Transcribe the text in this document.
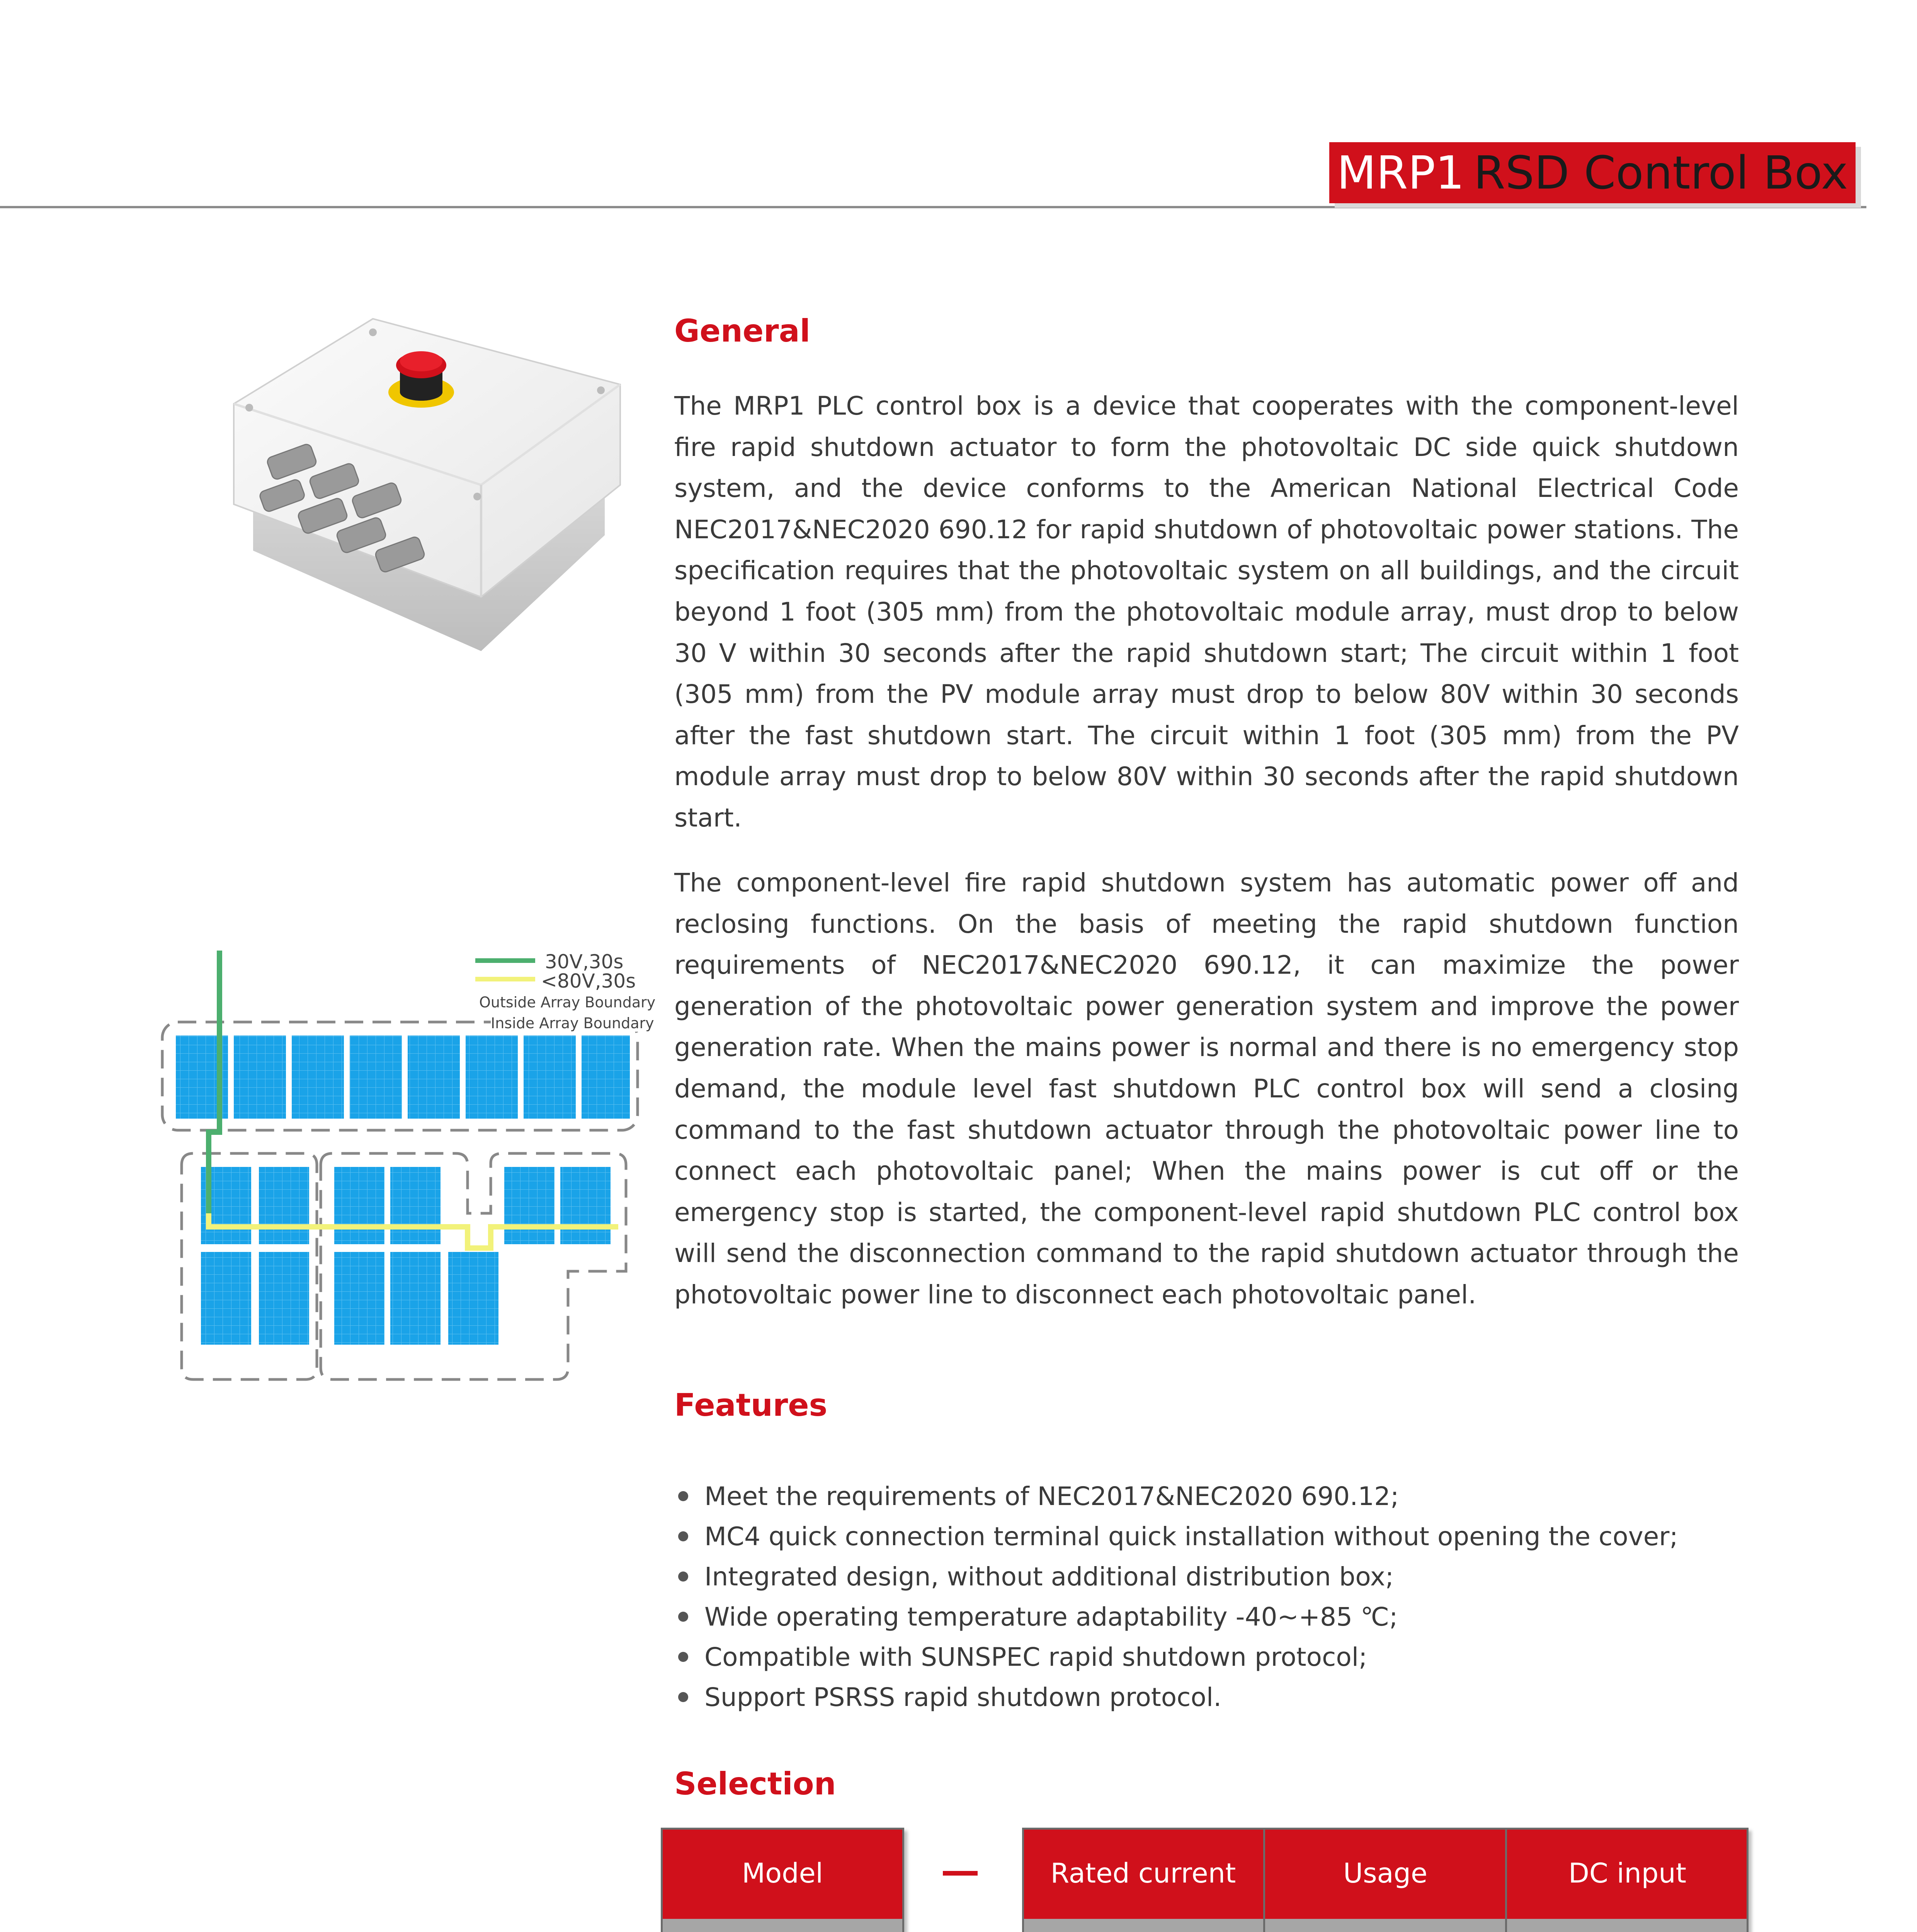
MRP1 RSD Control Box
General
The MRP1 PLC control box is a device that cooperates with the component-level fire rapid shutdown actuator to form the photovoltaic DC side quick shutdown system, and the device conforms to the American National Electrical Code NEC2017&NEC2020 690.12 for rapid shutdown of photovoltaic power stations. The specification requires that the photovoltaic system on all buildings, and the circuit beyond 1 foot (305 mm) from the photovoltaic module array, must drop to below 30 V within 30 seconds after the rapid shutdown start; The circuit within 1 foot (305 mm) from the PV module array must drop to below 80V within 30 seconds after the fast shutdown start. The circuit within 1 foot (305 mm) from the PV module array must drop to below 80V within 30 seconds after the rapid shutdown start.
The component-level fire rapid shutdown system has automatic power off and reclosing functions. On the basis of meeting the rapid shutdown function requirements of NEC2017&NEC2020 690.12, it can maximize the power generation of the photovoltaic power generation system and improve the power generation rate. When the mains power is normal and there is no emergency stop demand, the module level fast shutdown PLC control box will send a closing command to the fast shutdown actuator through the photovoltaic power line to connect each photovoltaic panel; When the mains power is cut off or the emergency stop is started, the component-level rapid shutdown PLC control box will send the disconnection command to the rapid shutdown actuator through the photovoltaic power line to disconnect each photovoltaic panel.
30V,30s
<80V,30s
Outside Array Boundary
Inside Array Boundary
Features
Meet the requirements of NEC2017&NEC2020 690.12;
MC4 quick connection terminal quick installation without opening the cover;
Integrated design, without additional distribution box;
Wide operating temperature adaptability -40~+85 ℃;
Compatible with SUNSPEC rapid shutdown protocol;
Support PSRSS rapid shutdown protocol.
Selection
Model	Rated current	Usage	DC input
